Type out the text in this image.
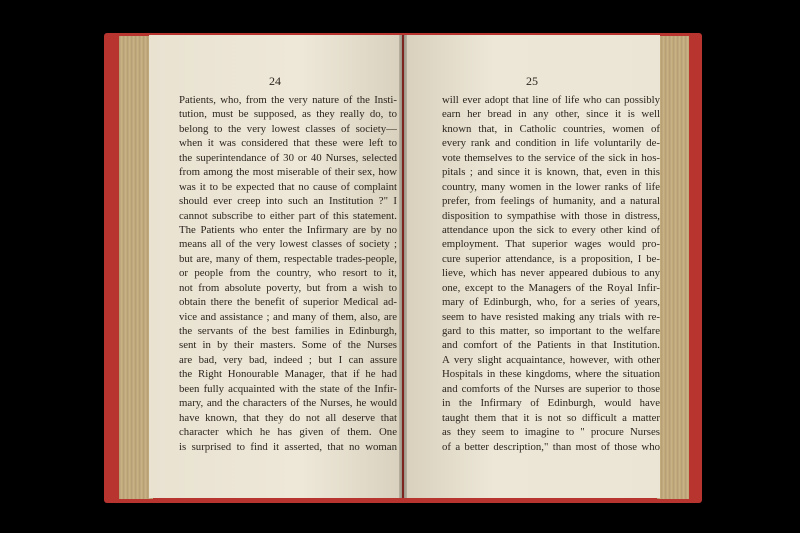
24
Patients, who, from the very nature of the Insti-
tution, must be supposed, as they really do, to
belong to the very lowest classes of society—
when it was considered that these were left to
the superintendance of 30 or 40 Nurses, selected
from among the most miserable of their sex, how
was it to be expected that no cause of complaint
should ever creep into such an Institution ?" I
cannot subscribe to either part of this statement.
The Patients who enter the Infirmary are by no
means all of the very lowest classes of society ;
but are, many of them, respectable trades-people,
or people from the country, who resort to it,
not from absolute poverty, but from a wish to
obtain there the benefit of superior Medical ad-
vice and assistance ; and many of them, also, are
the servants of the best families in Edinburgh,
sent in by their masters. Some of the Nurses
are bad, very bad, indeed ; but I can assure
the Right Honourable Manager, that if he had
been fully acquainted with the state of the Infir-
mary, and the characters of the Nurses, he would
have known, that they do not all deserve that
character which he has given of them. One
is surprised to find it asserted, that no woman
25
will ever adopt that line of life who can possibly
earn her bread in any other, since it is well
known that, in Catholic countries, women of
every rank and condition in life voluntarily de-
vote themselves to the service of the sick in hos-
pitals ; and since it is known, that, even in this
country, many women in the lower ranks of life
prefer, from feelings of humanity, and a natural
disposition to sympathise with those in distress,
attendance upon the sick to every other kind of
employment. That superior wages would pro-
cure superior attendance, is a proposition, I be-
lieve, which has never appeared dubious to any
one, except to the Managers of the Royal Infir-
mary of Edinburgh, who, for a series of years,
seem to have resisted making any trials with re-
gard to this matter, so important to the welfare
and comfort of the Patients in that Institution.
A very slight acquaintance, however, with other
Hospitals in these kingdoms, where the situation
and comforts of the Nurses are superior to those
in the Infirmary of Edinburgh, would have
taught them that it is not so difficult a matter
as they seem to imagine to " procure Nurses
of a better description," than most of those who
